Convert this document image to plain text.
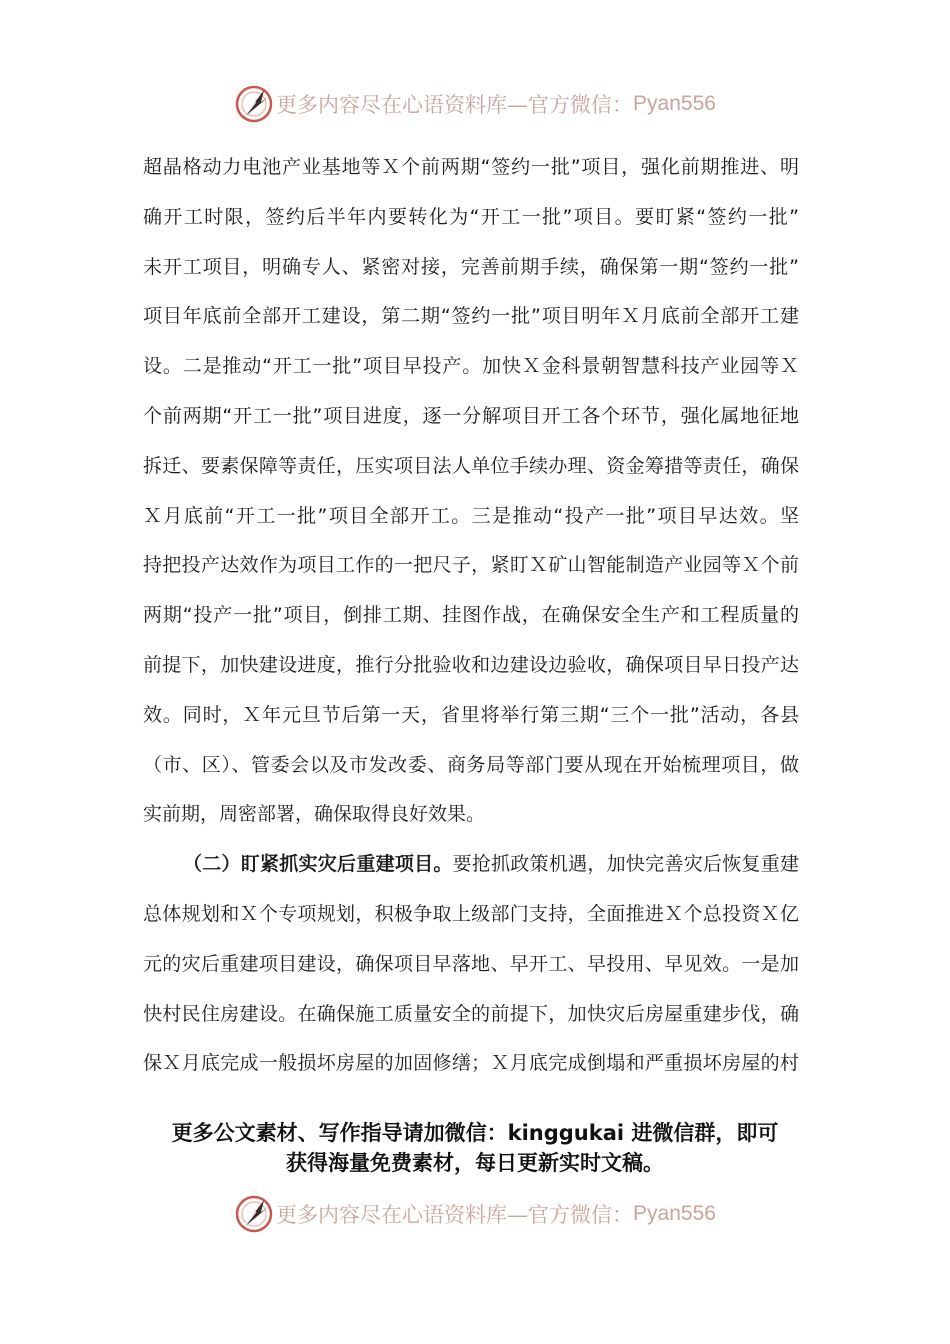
更多内容尽在心语资料库—官方微信： Pyan556
超晶格动力电池产业基地等Ｘ个前两期“签约一批”项目，强化前期推进、明
确开工时限，签约后半年内要转化为“开工一批”项目。要盯紧“签约一批”
未开工项目，明确专人、紧密对接，完善前期手续，确保第一期“签约一批”
项目年底前全部开工建设，第二期“签约一批”项目明年Ｘ月底前全部开工建
设。二是推动“开工一批”项目早投产。加快Ｘ金科景朝智慧科技产业园等Ｘ
个前两期“开工一批”项目进度，逐一分解项目开工各个环节，强化属地征地
拆迁、要素保障等责任，压实项目法人单位手续办理、资金筹措等责任，确保
Ｘ月底前“开工一批”项目全部开工。三是推动“投产一批”项目早达效。坚
持把投产达效作为项目工作的一把尺子，紧盯Ｘ矿山智能制造产业园等Ｘ个前
两期“投产一批”项目，倒排工期、挂图作战，在确保安全生产和工程质量的
前提下，加快建设进度，推行分批验收和边建设边验收，确保项目早日投产达
效。同时，Ｘ年元旦节后第一天，省里将举行第三期“三个一批”活动，各县
（市、区）、管委会以及市发改委、商务局等部门要从现在开始梳理项目，做
实前期，周密部署，确保取得良好效果。
（二）盯紧抓实灾后重建项目。要抢抓政策机遇，加快完善灾后恢复重建
总体规划和Ｘ个专项规划，积极争取上级部门支持，全面推进Ｘ个总投资Ｘ亿
元的灾后重建项目建设，确保项目早落地、早开工、早投用、早见效。一是加
快村民住房建设。在确保施工质量安全的前提下，加快灾后房屋重建步伐，确
保Ｘ月底完成一般损坏房屋的加固修缮；Ｘ月底完成倒塌和严重损坏房屋的村
更多公文素材、写作指导请加微信：kinggukai 进微信群，即可
获得海量免费素材，每日更新实时文稿。
更多内容尽在心语资料库—官方微信： Pyan556
